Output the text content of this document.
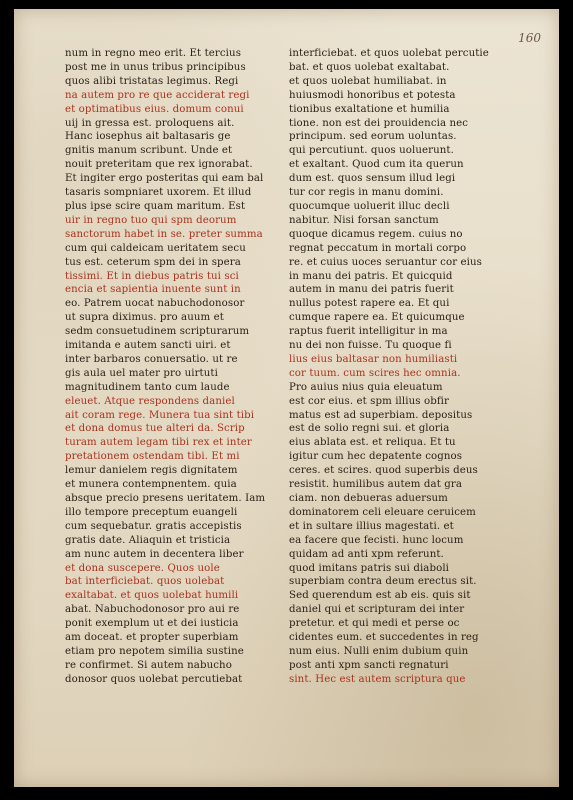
160
num in regno meo erit. Et tercius
post me in unus tribus principibus
quos alibi tristatas legimus. Regi
na autem pro re que acciderat regi
et optimatibus eius. domum conui
uij in gressa est. proloquens ait.
Hanc iosephus ait baltasaris ge
gnitis manum scribunt. Unde et
nouit preteritam que rex ignorabat.
Et ingiter ergo posteritas qui eam bal
tasaris sompniaret uxorem. Et illud
plus ipse scire quam maritum. Est
uir in regno tuo qui spm deorum
sanctorum habet in se. preter summa
cum qui caldeicam ueritatem secu
tus est. ceterum spm dei in spera
tissimi. Et in diebus patris tui sci
encia et sapientia inuente sunt in
eo. Patrem uocat nabuchodonosor
ut supra diximus. pro auum et
sedm consuetudinem scripturarum
imitanda e autem sancti uiri. et
inter barbaros conuersatio. ut re
gis aula uel mater pro uirtuti
magnitudinem tanto cum laude
eleuet. Atque respondens daniel
ait coram rege. Munera tua sint tibi
et dona domus tue alteri da. Scrip
turam autem legam tibi rex et inter
pretationem ostendam tibi. Et mi
lemur danielem regis dignitatem
et munera contempnentem. quia
absque precio presens ueritatem. Iam
illo tempore preceptum euangeli
cum sequebatur. gratis accepistis
gratis date. Aliaquin et tristicia
am nunc autem in decentera liber
et dona suscepere. Quos uole
bat interficiebat. quos uolebat
exaltabat. et quos uolebat humili
abat. Nabuchodonosor pro aui re
ponit exemplum ut et dei iusticia
am doceat. et propter superbiam
etiam pro nepotem similia sustine
re confirmet. Si autem nabucho
donosor quos uolebat percutiebat
interficiebat. et quos uolebat percutie
bat. et quos uolebat exaltabat.
et quos uolebat humiliabat. in
huiusmodi honoribus et potesta
tionibus exaltatione et humilia
tione. non est dei prouidencia nec
principum. sed eorum uoluntas.
qui percutiunt. quos uoluerunt.
et exaltant. Quod cum ita querun
dum est. quos sensum illud legi
tur cor regis in manu domini.
quocumque uoluerit illuc decli
nabitur. Nisi forsan sanctum
quoque dicamus regem. cuius no
regnat peccatum in mortali corpo
re. et cuius uoces seruantur cor eius
in manu dei patris. Et quicquid
autem in manu dei patris fuerit
nullus potest rapere ea. Et qui
cumque rapere ea. Et quicumque
raptus fuerit intelligitur in ma
nu dei non fuisse. Tu quoque fi
lius eius baltasar non humiliasti
cor tuum. cum scires hec omnia.
Pro auius nius quia eleuatum
est cor eius. et spm illius obfir
matus est ad superbiam. depositus
est de solio regni sui. et gloria
eius ablata est. et reliqua. Et tu
igitur cum hec depatente cognos
ceres. et scires. quod superbis deus
resistit. humilibus autem dat gra
ciam. non debueras aduersum
dominatorem celi eleuare ceruicem
et in sultare illius magestati. et
ea facere que fecisti. hunc locum
quidam ad anti xpm referunt.
quod imitans patris sui diaboli
superbiam contra deum erectus sit.
Sed querendum est ab eis. quis sit
daniel qui et scripturam dei inter
pretetur. et qui medi et perse oc
cidentes eum. et succedentes in reg
num eius. Nulli enim dubium quin
post anti xpm sancti regnaturi
sint. Hec est autem scriptura que
